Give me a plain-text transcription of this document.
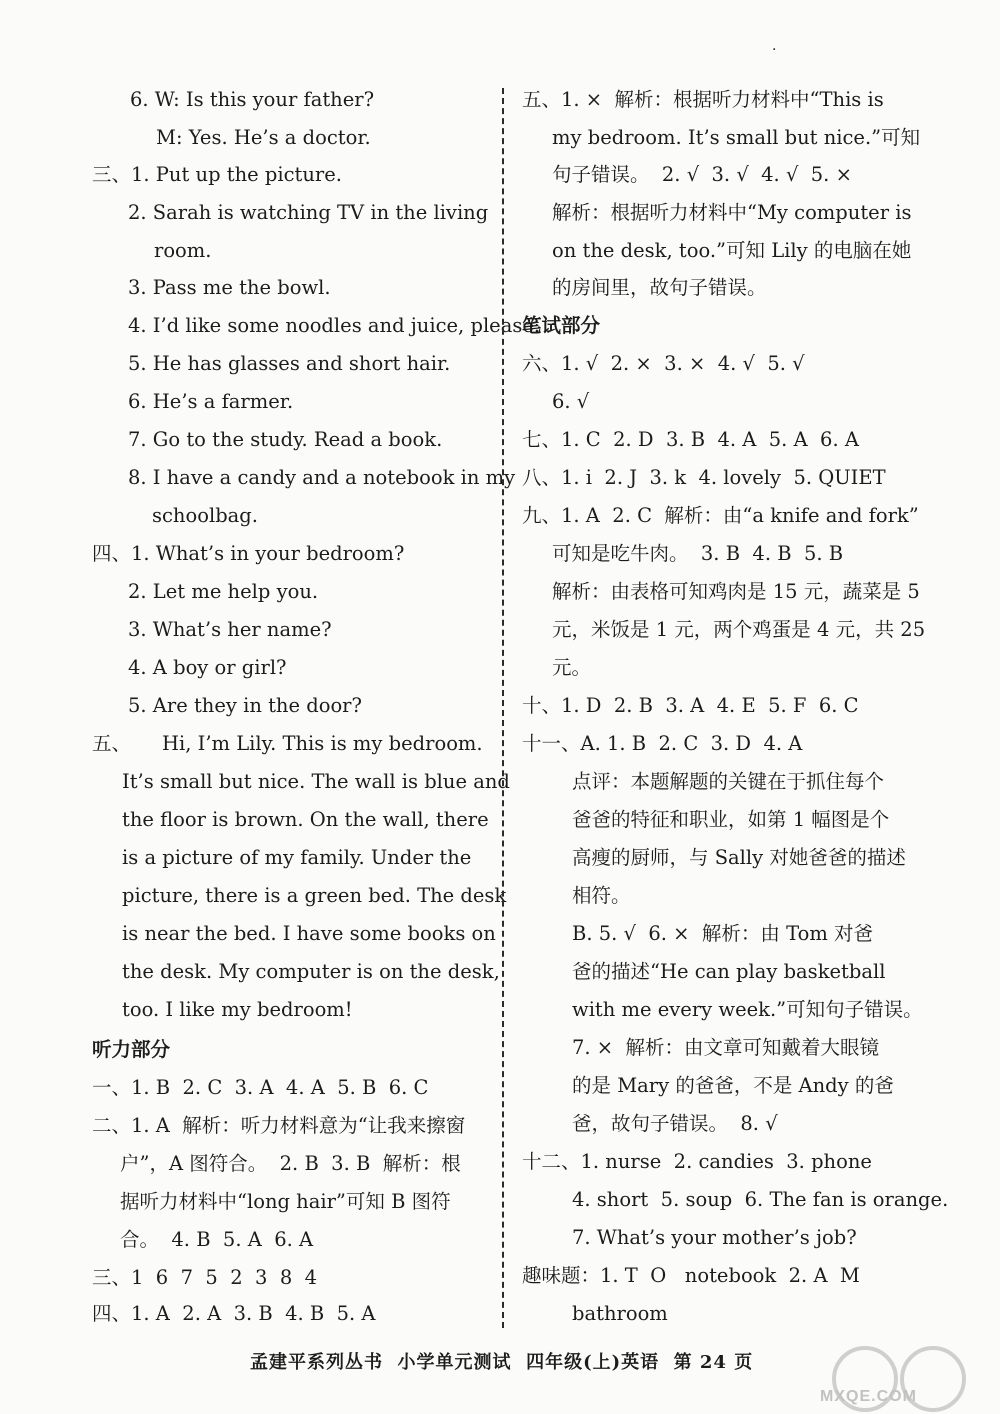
.
6. W: Is this your father?
M: Yes. He’s a doctor.
三、1. Put up the picture.
2. Sarah is watching TV in the living
room.
3. Pass me the bowl.
4. I’d like some noodles and juice, please.
5. He has glasses and short hair.
6. He’s a farmer.
7. Go to the study. Read a book.
8. I have a candy and a notebook in my
schoolbag.
四、1. What’s in your bedroom?
2. Let me help you.
3. What’s her name?
4. A boy or girl?
5. Are they in the door?
五、     Hi, I’m Lily. This is my bedroom.
It’s small but nice. The wall is blue and
the floor is brown. On the wall, there
is a picture of my family. Under the
picture, there is a green bed. The desk
is near the bed. I have some books on
the desk. My computer is on the desk,
too. I like my bedroom!
听力部分
一、1. B  2. C  3. A  4. A  5. B  6. C
二、1. A  解析：听力材料意为“让我来擦窗
户”，A 图符合。  2. B  3. B  解析：根
据听力材料中“long hair”可知 B 图符
合。  4. B  5. A  6. A
三、1  6  7  5  2  3  8  4
四、1. A  2. A  3. B  4. B  5. A
五、1. ×  解析：根据听力材料中“This is
my bedroom. It’s small but nice.”可知
句子错误。  2. √  3. √  4. √  5. ×
解析：根据听力材料中“My computer is
on the desk, too.”可知 Lily 的电脑在她
的房间里，故句子错误。
笔试部分
六、1. √  2. ×  3. ×  4. √  5. √
6. √
七、1. C  2. D  3. B  4. A  5. A  6. A
八、1. i  2. J  3. k  4. lovely  5. QUIET
九、1. A  2. C  解析：由“a knife and fork”
可知是吃牛肉。  3. B  4. B  5. B
解析：由表格可知鸡肉是 15 元，蔬菜是 5
元，米饭是 1 元，两个鸡蛋是 4 元，共 25
元。
十、1. D  2. B  3. A  4. E  5. F  6. C
十一、A. 1. B  2. C  3. D  4. A
点评：本题解题的关键在于抓住每个
爸爸的特征和职业，如第 1 幅图是个
高瘦的厨师，与 Sally 对她爸爸的描述
相符。
B. 5. √  6. ×  解析：由 Tom 对爸
爸的描述“He can play basketball
with me every week.”可知句子错误。
7. ×  解析：由文章可知戴着大眼镜
的是 Mary 的爸爸，不是 Andy 的爸
爸，故句子错误。  8. √
十二、1. nurse  2. candies  3. phone
4. short  5. soup  6. The fan is orange.
7. What’s your mother’s job?
趣味题：1. T  O   notebook  2. A  M
bathroom
孟建平系列丛书  小学单元测试  四年级(上)英语  第 24 页
MXQE.COM
